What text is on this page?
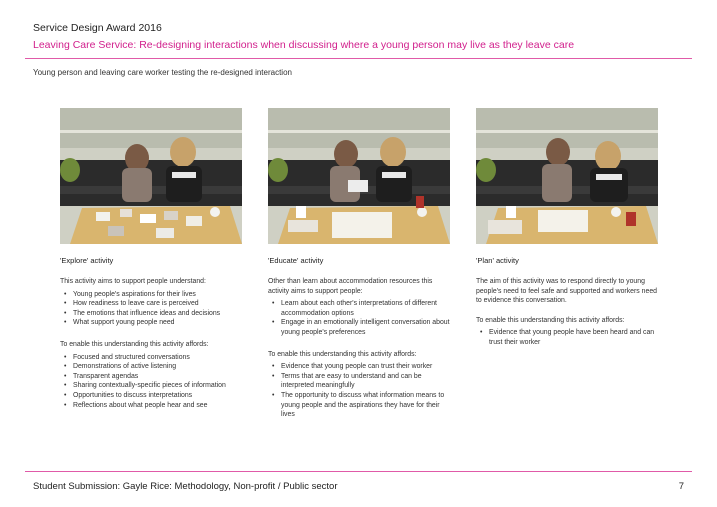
Service Design Award 2016
Leaving Care Service: Re-designing interactions when discussing where a young person may live as they leave care
Young person and leaving care worker testing the re-designed interaction
'Explore' activity

This activity aims to support people understand:

• Young people's aspirations for their lives
• How readiness to leave care is perceived
• The emotions that influence ideas and decisions
• What support young people need

To enable this understanding this activity affords:

• Focused and structured conversations
• Demonstrations of active listening
• Transparent agendas
• Sharing contextually-specific pieces of information
• Opportunities to discuss interpretations
• Reflections about what people hear and see
'Educate' activity

Other than learn about accommodation resources this activity aims to support people:

• Learn about each other's interpretations of different accommodation options
• Engage in an emotionally intelligent conversation about young people's preferences

To enable this understanding this activity affords:

• Evidence that young people can trust their worker
• Terms that are easy to understand and can be interpreted meaningfully
• The opportunity to discuss what information means to young people and the aspirations they have for their lives
'Plan' activity

The aim of this activity was to respond directly to young people's need to feel safe and supported and workers need to evidence this conversation.

To enable this understanding this activity affords:

• Evidence that young people have been heard and can trust their worker
Student Submission: Gayle Rice: Methodology, Non-profit / Public sector	7
